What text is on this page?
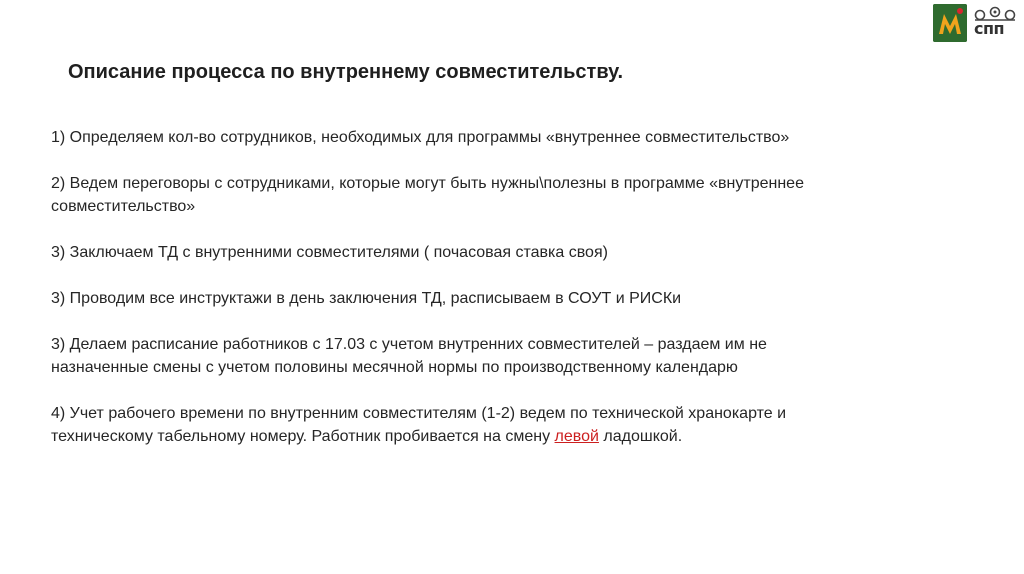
спп
Описание процесса по внутреннему совместительству.

1) Определяем кол-во сотрудников, необходимых для программы «внутреннее совместительство»

2) Ведем переговоры с сотрудниками, которые могут быть нужны\полезны в программе «внутреннее

совместительство»

3) Заключаем ТД с внутренними совместителями ( почасовая ставка своя)

3) Проводим все инструктажи в день заключения ТД, расписываем в СОУТ и РИСКи

3) Делаем расписание работников с 17.03 с учетом внутренних совместителей – раздаем им не

назначенные смены с учетом половины месячной нормы по производственному календарю

4) Учет рабочего времени по внутренним совместителям (1-2) ведем по технической хранокарте и

техническому табельному номеру. Работник пробивается на смену левой ладошкой.
